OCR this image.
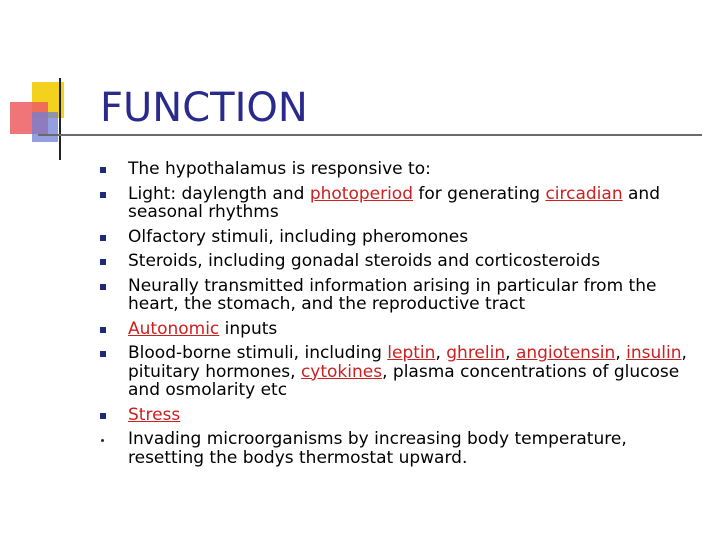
FUNCTION
The hypothalamus is responsive to:
Light: daylength and photoperiod for generating circadian and seasonal rhythms
Olfactory stimuli, including pheromones
Steroids, including gonadal steroids and corticosteroids
Neurally transmitted information arising in particular from the heart, the stomach, and the reproductive tract
Autonomic inputs
Blood-borne stimuli, including leptin, ghrelin, angiotensin, insulin, pituitary hormones, cytokines, plasma concentrations of glucose and osmolarity etc
Stress
Invading microorganisms by increasing body temperature, resetting the bodys thermostat upward.
